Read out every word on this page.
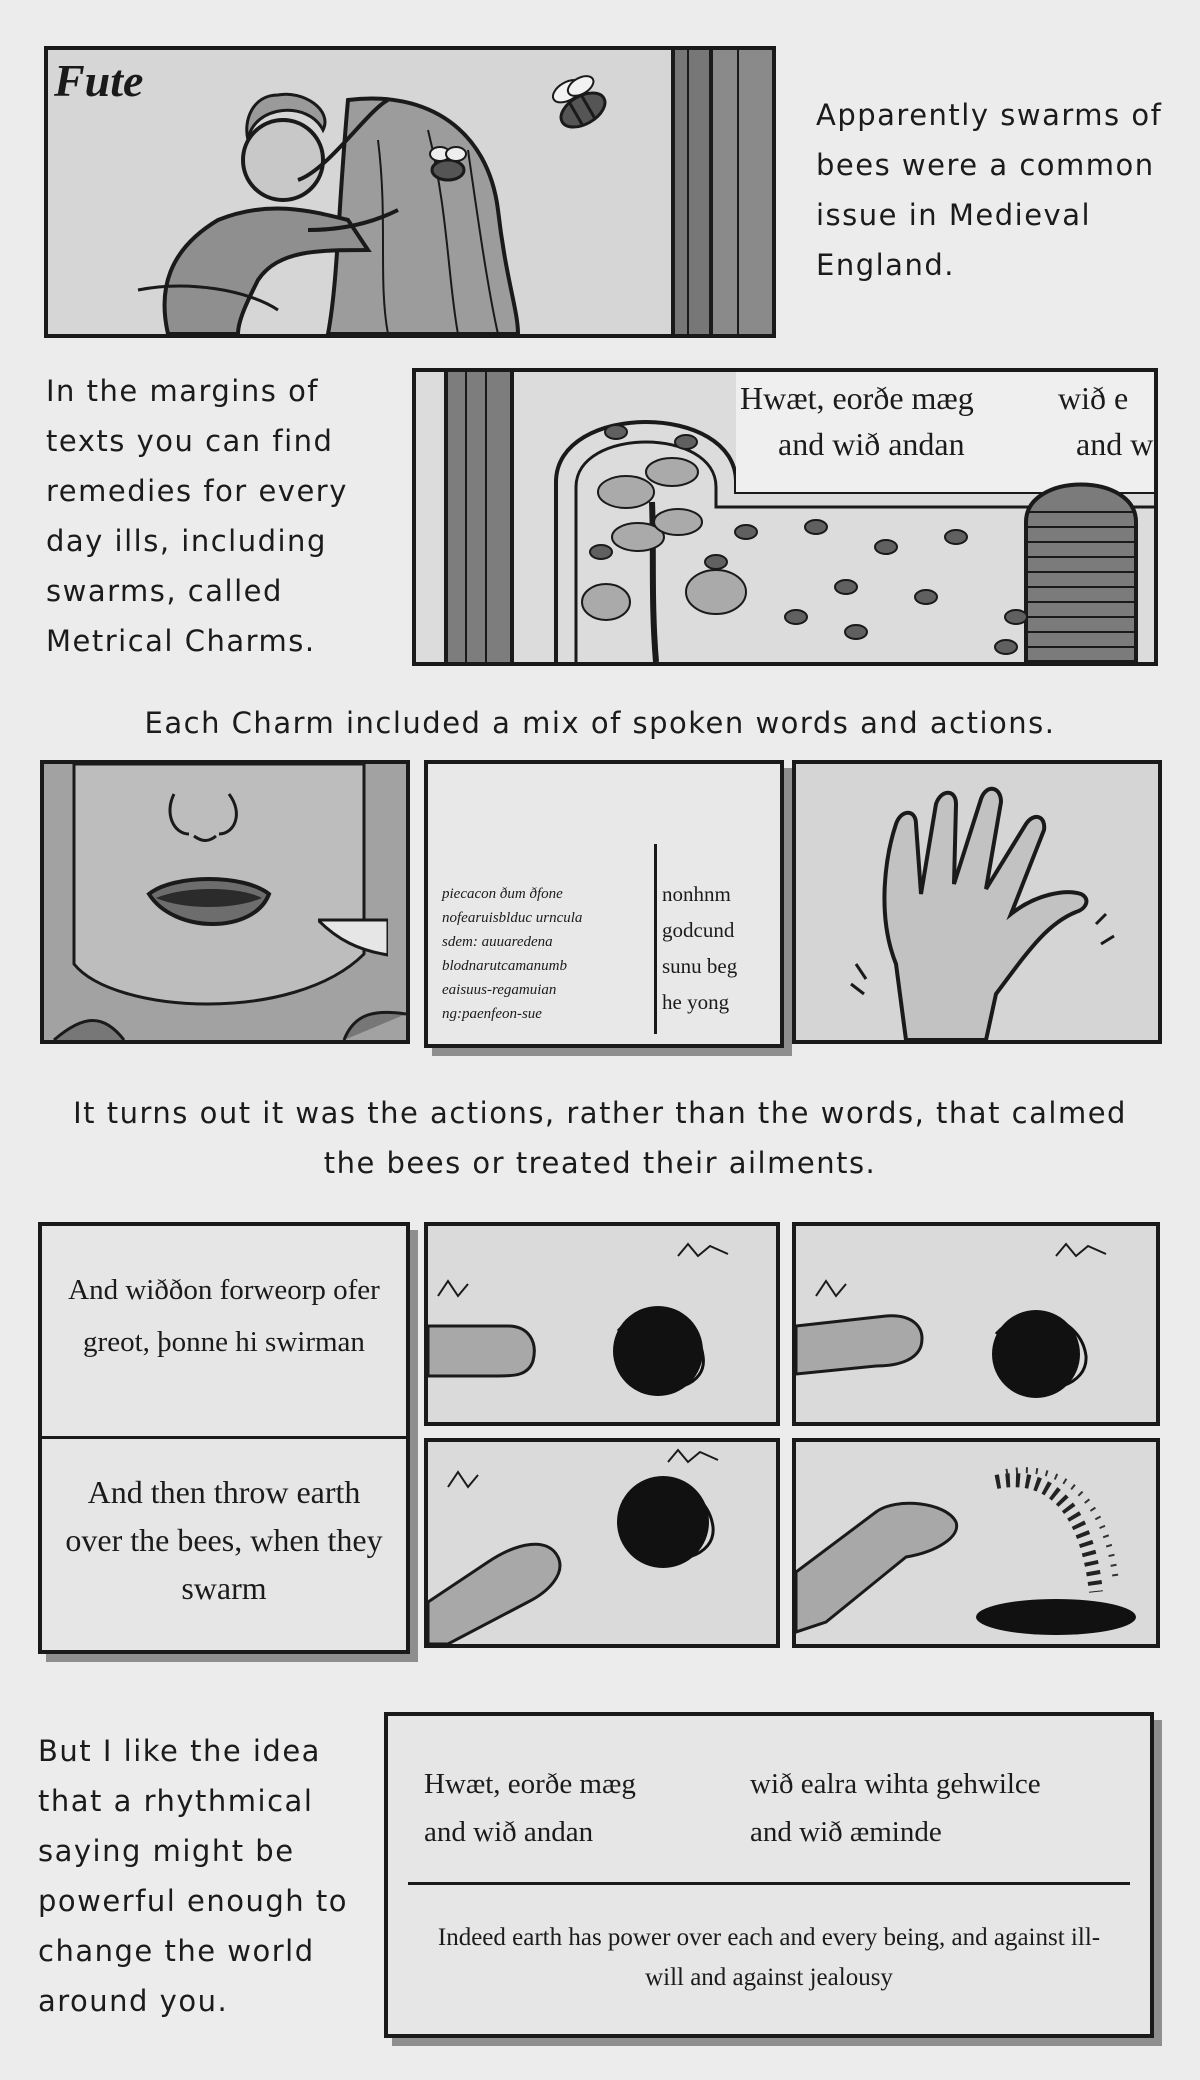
Fute
Apparently swarms of bees were a common issue in Medieval England.
In the margins of texts you can find remedies for every day ills, including swarms, called Metrical Charms.
Hwæt, eorðe mæg	wið e
and wið andan	and w
Each Charm included a mix of spoken words and actions.
piecacon ðum ðfone
nofearuisblduc urncula
sdem: auuaredena
blodnarutcamanumb
eaisuus-regamuian
ng:paenfeon-sue
nonhnm
godcund
sunu beg
he yong
It turns out it was the actions, rather than the words, that calmed the bees or treated their ailments.
And wiððon forweorp ofer greot, þonne hi swirman
And then throw earth over the bees, when they swarm
But I like the idea that a rhythmical saying might be powerful enough to change the world around you.
Hwæt, eorðe mæg	wið ealra wihta gehwilce
and wið andan	and wið æminde
Indeed earth has power over each and every being, and against ill- will and against jealousy
